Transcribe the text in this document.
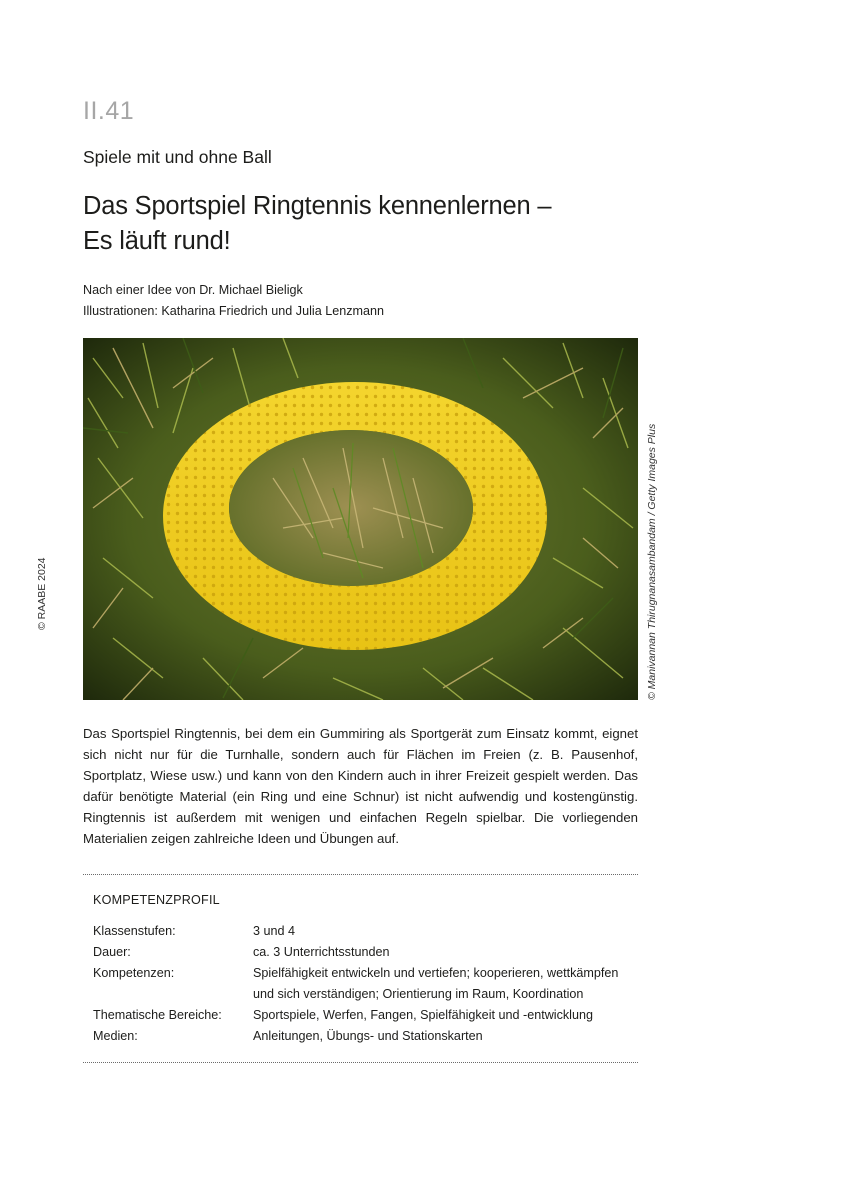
II.41
Spiele mit und ohne Ball
Das Sportspiel Ringtennis kennenlernen –
Es läuft rund!
Nach einer Idee von Dr. Michael Bieligk
Illustrationen: Katharina Friedrich und Julia Lenzmann
© Manivannan Thirugnanasambandam / Getty Images Plus
© RAABE 2024

Das Sportspiel Ringtennis, bei dem ein Gummiring als Sportgerät zum Einsatz kommt, eignet sich nicht nur für die Turnhalle, sondern auch für Flächen im Freien (z. B. Pausenhof, Sportplatz, Wiese usw.) und kann von den Kindern auch in ihrer Freizeit gespielt werden. Das dafür benötigte Material (ein Ring und eine Schnur) ist nicht aufwendig und kostengünstig. Ringtennis ist außerdem mit wenigen und einfachen Regeln spielbar. Die vorliegenden Materialien zeigen zahlreiche Ideen und Übungen auf.

KOMPETENZPROFIL
Klassenstufen:	3 und 4
Dauer:	ca. 3 Unterrichtsstunden
Kompetenzen:	Spielfähigkeit entwickeln und vertiefen; kooperieren, wettkämpfen und sich verständigen; Orientierung im Raum, Koordination
Thematische Bereiche:	Sportspiele, Werfen, Fangen, Spielfähigkeit und -entwicklung
Medien:	Anleitungen, Übungs- und Stationskarten
